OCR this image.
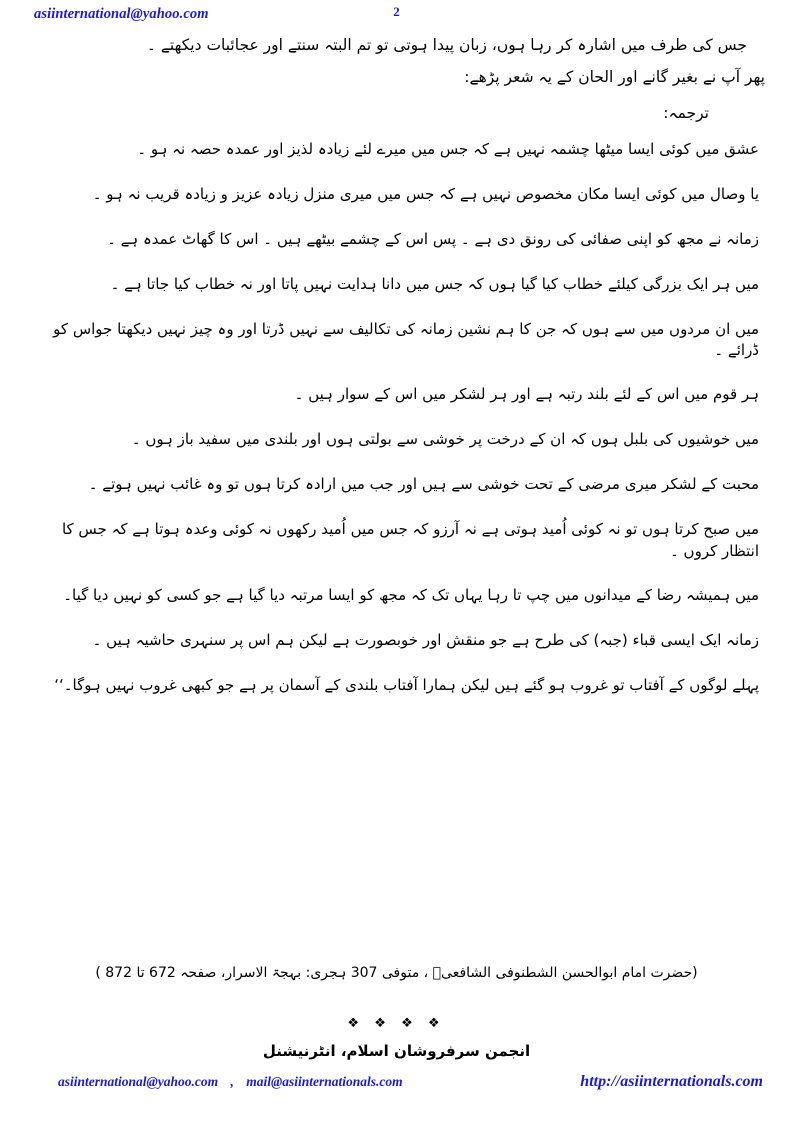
asiinternational@yahoo.com	2

جس کی طرف میں اشارہ کر رہا ہوں، زبان پیدا ہوتی تو تم البتہ سنتے اور عجائبات دیکھتے ۔

پھر آپ نے بغیر گانے اور الحان کے یہ شعر پڑھے:

ترجمہ:

عشق میں کوئی ایسا میٹھا چشمہ نہیں ہے کہ جس میں میرے لئے زیادہ لذیز اور عمدہ حصہ نہ ہو ۔

یا وصال میں کوئی ایسا مکان مخصوص نہیں ہے کہ جس میں میری منزل زیادہ عزیز و زیادہ قریب نہ ہو ۔

زمانہ نے مجھ کو اپنی صفائی کی رونق دی ہے ۔ پس اس کے چشمے بیٹھے ہیں ۔ اس کا گھاٹ عمدہ ہے ۔

میں ہر ایک بزرگی کیلئے خطاب کیا گیا ہوں کہ جس میں دانا ہدایت نہیں پاتا اور نہ خطاب کیا جاتا ہے ۔

میں ان مردوں میں سے ہوں کہ جن کا ہم نشین زمانہ کی تکالیف سے نہیں ڈرتا اور وہ چیز نہیں دیکھتا جواس کو ڈرائے ۔

ہر قوم میں اس کے لئے بلند رتبہ ہے اور ہر لشکر میں اس کے سوار ہیں ۔

میں خوشیوں کی بلبل ہوں کہ ان کے درخت پر خوشی سے بولتی ہوں اور بلندی میں سفید باز ہوں ۔

محبت کے لشکر میری مرضی کے تحت خوشی سے ہیں اور جب میں ارادہ کرتا ہوں تو وہ غائب نہیں ہوتے ۔

میں صبح کرتا ہوں تو نہ کوئی اُمید ہوتی ہے نہ آرزو کہ جس میں اُمید رکھوں نہ کوئی وعدہ ہوتا ہے کہ جس کا انتظار کروں ۔

میں ہمیشہ رضا کے میدانوں میں چپ تا رہا یہاں تک کہ مجھ کو ایسا مرتبہ دیا گیا ہے جو کسی کو نہیں دیا گیا۔

زمانہ ایک ایسی قباء (جبہ) کی طرح ہے جو منقش اور خوبصورت ہے لیکن ہم اس پر سنہری حاشیہ ہیں ۔

پہلے لوگوں کے آفتاب تو غروب ہو گئے ہیں لیکن ہمارا آفتاب بلندی کے آسمان پر ہے جو کبھی غروب نہیں ہوگا۔‘‘

(حضرت امام ابوالحسن الشطنوفی الشافعیؒ ، متوفی 703 ہجری: بہجۃ الاسرار، صفحہ 276 تا 278 )
❖ ❖ ❖ ❖
انجمن سرفروشان اسلام، انٹرنیشنل
asiinternational@yahoo.com , mail@asiinternationals.com	http://asiinternationals.com
